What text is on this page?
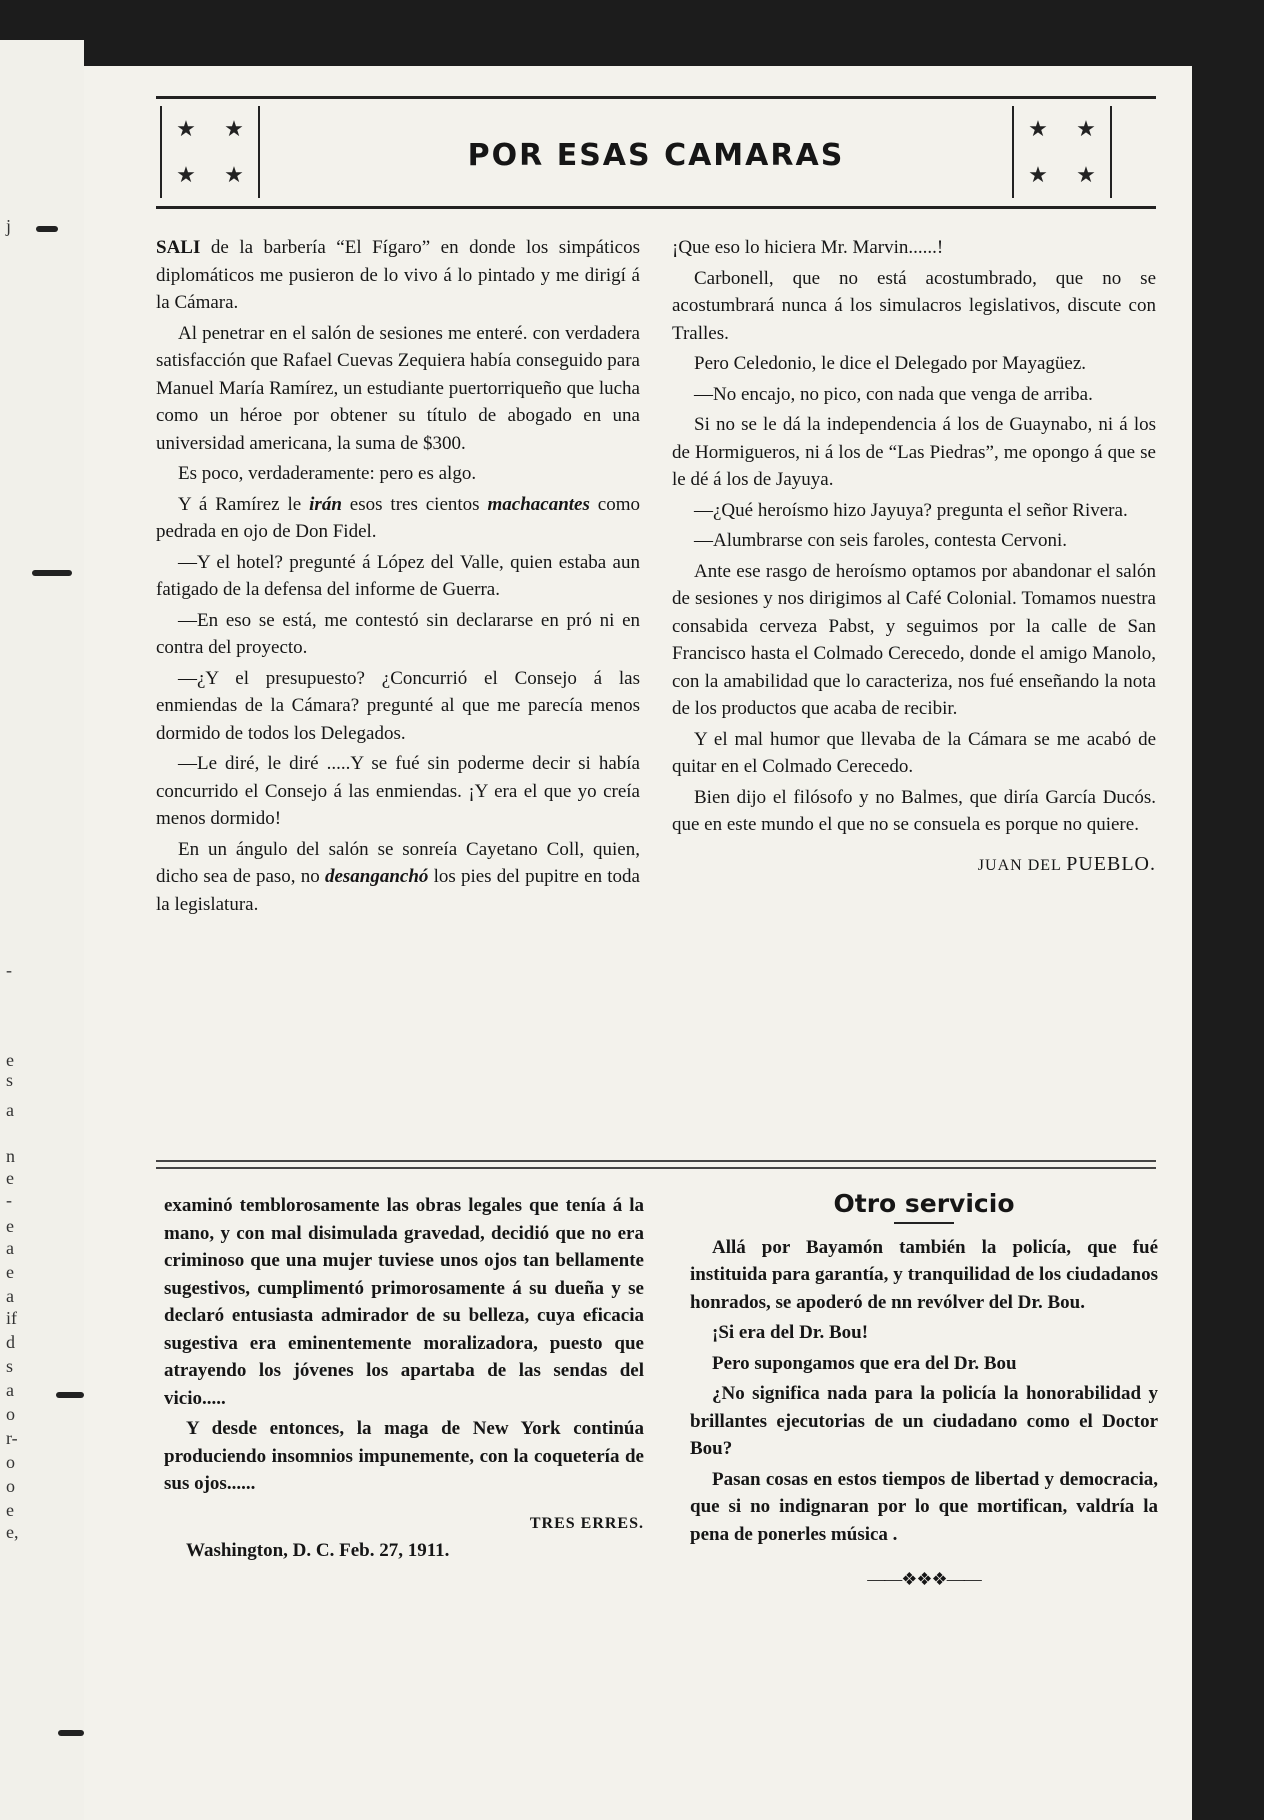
j
-
e
s
a
n
e
-
e
a
e
a
if
d
s
a
o
r-
o
o
e
e,
★ ★
★ ★
POR ESAS CAMARAS
★ ★
★ ★

SALI de la barbería “El Fígaro” en donde los simpáticos diplomáticos me pusieron de lo vivo á lo pintado y me dirigí á la Cámara.

Al penetrar en el salón de sesiones me enteré. con verdadera satisfacción que Rafael Cuevas Zequiera había conseguido para Manuel María Ramírez, un estudiante puertorriqueño que lucha como un héroe por obtener su título de abogado en una universidad americana, la suma de $300.

Es poco, verdaderamente: pero es algo.

Y á Ramírez le irán esos tres cientos machacantes como pedrada en ojo de Don Fidel.

—Y el hotel? pregunté á López del Valle, quien estaba aun fatigado de la defensa del informe de Guerra.

—En eso se está, me contestó sin declararse en pró ni en contra del proyecto.

—¿Y el presupuesto? ¿Concurrió el Consejo á las enmiendas de la Cámara? pregunté al que me parecía menos dormido de todos los Delegados.

—Le diré, le diré .....Y se fué sin poderme decir si había concurrido el Consejo á las enmiendas. ¡Y era el que yo creía menos dormido!

En un ángulo del salón se sonreía Cayetano Coll, quien, dicho sea de paso, no desanganchó los pies del pupitre en toda la legislatura.

¡Que eso lo hiciera Mr. Marvin......!

Carbonell, que no está acostumbrado, que no se acostumbrará nunca á los simulacros legislativos, discute con Tralles.

Pero Celedonio, le dice el Delegado por Mayagüez.

—No encajo, no pico, con nada que venga de arriba.

Si no se le dá la independencia á los de Guaynabo, ni á los de Hormigueros, ni á los de “Las Piedras”, me opongo á que se le dé á los de Jayuya.

—¿Qué heroísmo hizo Jayuya? pregunta el señor Rivera.

—Alumbrarse con seis faroles, contesta Cervoni.

Ante ese rasgo de heroísmo optamos por abandonar el salón de sesiones y nos dirigimos al Café Colonial. Tomamos nuestra consabida cerveza Pabst, y seguimos por la calle de San Francisco hasta el Colmado Cerecedo, donde el amigo Manolo, con la amabilidad que lo caracteriza, nos fué enseñando la nota de los productos que acaba de recibir.

Y el mal humor que llevaba de la Cámara se me acabó de quitar en el Colmado Cerecedo.

Bien dijo el filósofo y no Balmes, que diría García Ducós. que en este mundo el que no se consuela es porque no quiere.

JUAN DEL PUEBLO.

examinó temblorosamente las obras legales que tenía á la mano, y con mal disimulada gravedad, decidió que no era criminoso que una mujer tuviese unos ojos tan bellamente sugestivos, cumplimentó primorosamente á su dueña y se declaró entusiasta admirador de su belleza, cuya eficacia sugestiva era eminentemente moralizadora, puesto que atrayendo los jóvenes los apartaba de las sendas del vicio.....

Y desde entonces, la maga de New York continúa produciendo insomnios impunemente, con la coquetería de sus ojos......

TRES ERRES.

Washington, D. C. Feb. 27, 1911.

Otro servicio

Allá por Bayamón también la policía, que fué instituida para garantía, y tranquilidad de los ciudadanos honrados, se apoderó de nn revólver del Dr. Bou.

¡Si era del Dr. Bou!

Pero supongamos que era del Dr. Bou

¿No significa nada para la policía la honorabilidad y brillantes ejecutorias de un ciudadano como el Doctor Bou?

Pasan cosas en estos tiempos de libertad y democracia, que si no indignaran por lo que mortifican, valdría la pena de ponerles música .

——❖❖❖——
